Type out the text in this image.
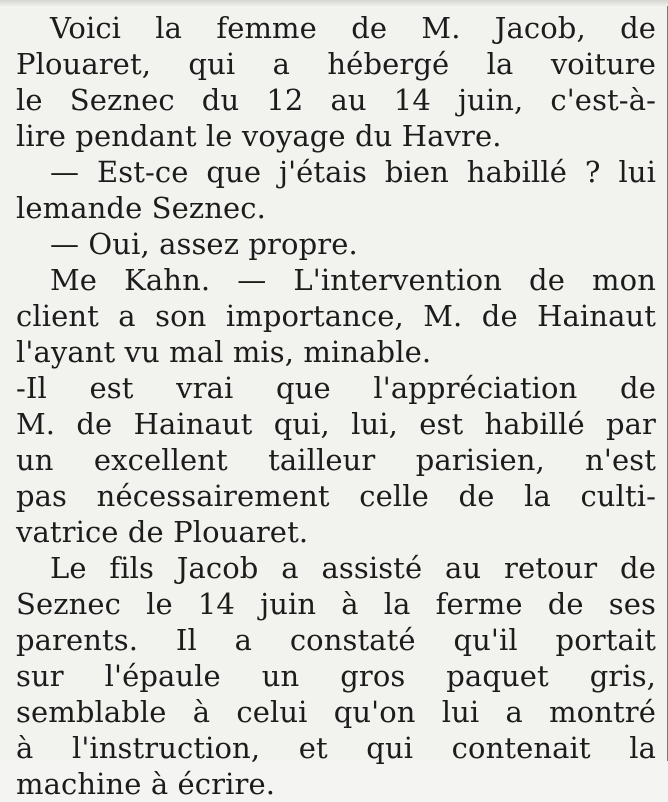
Voici la femme de M. Jacob, de
Plouaret, qui a hébergé la voiture
le Seznec du 12 au 14 juin, c'est-à-
lire pendant le voyage du Havre.
— Est-ce que j'étais bien habillé ? lui
lemande Seznec.
— Oui, assez propre.
Me Kahn. — L'intervention de mon
client a son importance, M. de Hainaut
l'ayant vu mal mis, minable.
-Il est vrai que l'appréciation de
M. de Hainaut qui, lui, est habillé par
un excellent tailleur parisien, n'est
pas nécessairement celle de la culti-
vatrice de Plouaret.
Le fils Jacob a assisté au retour de
Seznec le 14 juin à la ferme de ses
parents. Il a constaté qu'il portait
sur l'épaule un gros paquet gris,
semblable à celui qu'on lui a montré
à l'instruction, et qui contenait la
machine à écrire.
